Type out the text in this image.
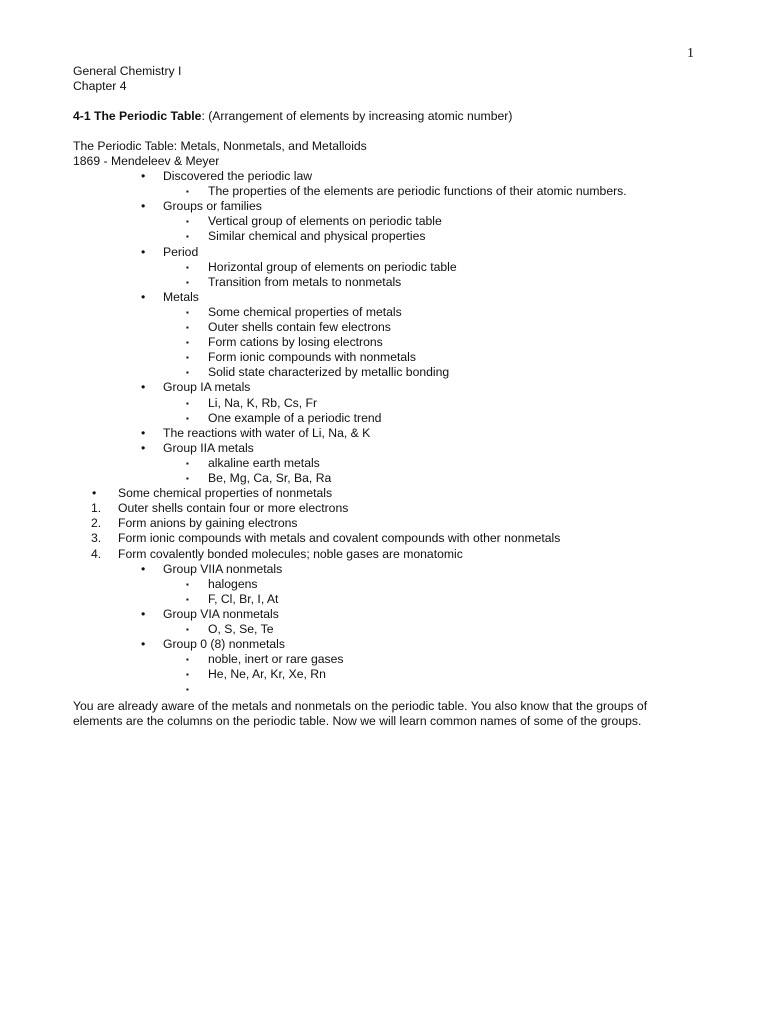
1
General Chemistry I
Chapter 4
4-1 The Periodic Table: (Arrangement of elements by increasing atomic number)
The Periodic Table: Metals, Nonmetals, and Metalloids
1869 - Mendeleev & Meyer
• Discovered the periodic law
▪ The properties of the elements are periodic functions of their atomic numbers.
• Groups or families
▪ Vertical group of elements on periodic table
▪ Similar chemical and physical properties
• Period
▪ Horizontal group of elements on periodic table
▪ Transition from metals to nonmetals
• Metals
▪ Some chemical properties of metals
▪ Outer shells contain few electrons
▪ Form cations by losing electrons
▪ Form ionic compounds with nonmetals
▪ Solid state characterized by metallic bonding
• Group IA metals
▪ Li, Na, K, Rb, Cs, Fr
▪ One example of a periodic trend
• The reactions with water of Li, Na, & K
• Group IIA metals
▪ alkaline earth metals
▪ Be, Mg, Ca, Sr, Ba, Ra
• Some chemical properties of nonmetals
1. Outer shells contain four or more electrons
2. Form anions by gaining electrons
3. Form ionic compounds with metals and covalent compounds with other nonmetals
4. Form covalently bonded molecules; noble gases are monatomic
• Group VIIA nonmetals
▪ halogens
▪ F, Cl, Br, I, At
• Group VIA nonmetals
▪ O, S, Se, Te
• Group 0 (8) nonmetals
▪ noble, inert or rare gases
▪ He, Ne, Ar, Kr, Xe, Rn
▪
You are already aware of the metals and nonmetals on the periodic table. You also know that the groups of elements are the columns on the periodic table. Now we will learn common names of some of the groups.
